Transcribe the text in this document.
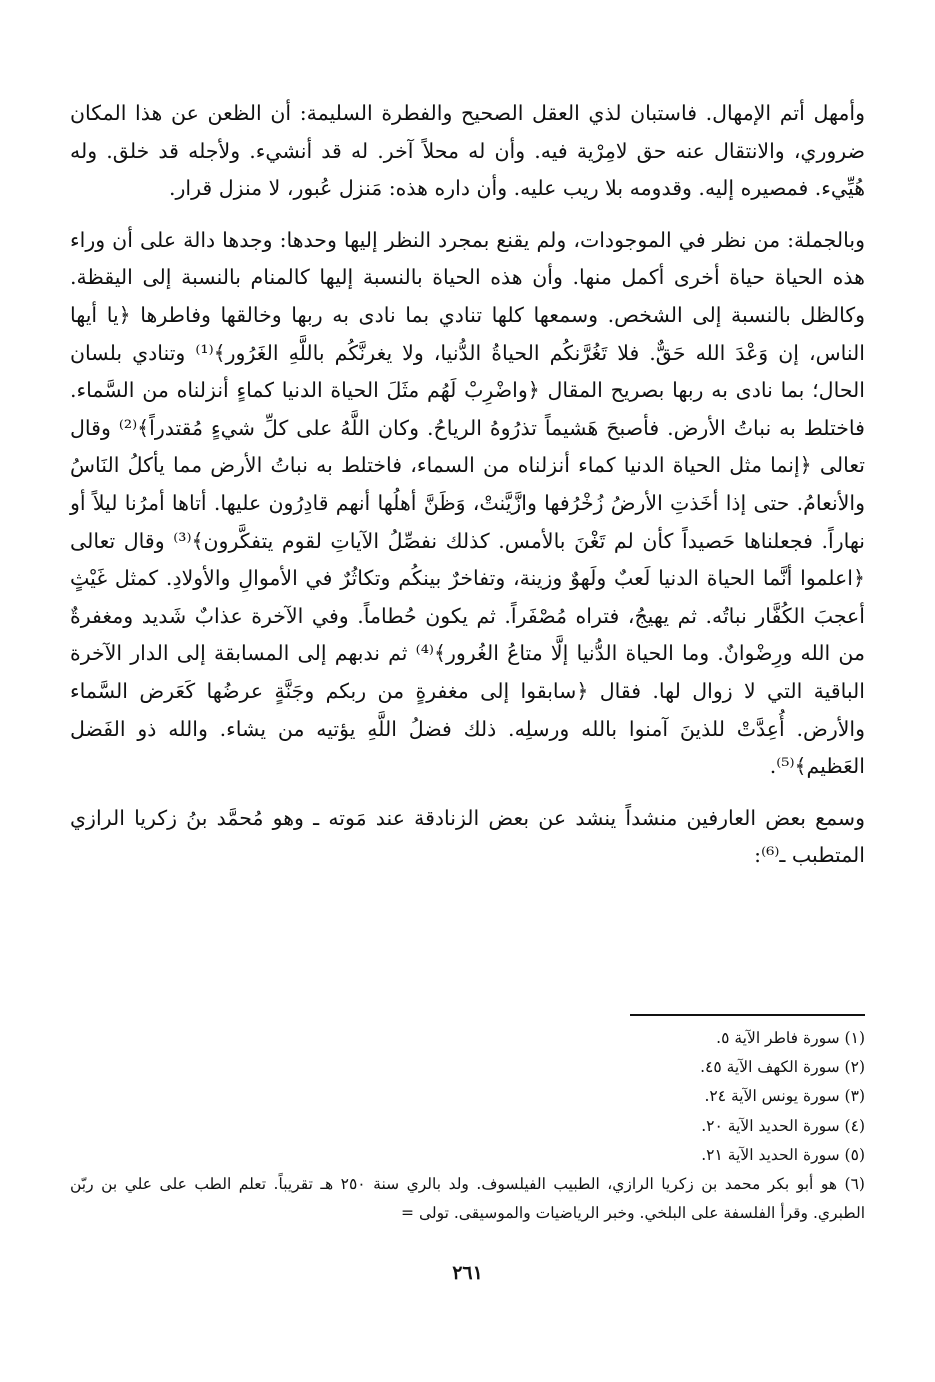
وأمهل أتم الإمهال. فاستبان لذي العقل الصحيح والفطرة السليمة: أن الظعن عن هذا المكان ضروري، والانتقال عنه حق لامِرْية فيه. وأن له محلاً آخر. له قد أنشيء. ولأجله قد خلق. وله هُيِّيء. فمصيره إليه. وقدومه بلا ريب عليه. وأن داره هذه: مَنزل عُبور، لا منزل قرار.

وبالجملة: من نظر في الموجودات، ولم يقنع بمجرد النظر إليها وحدها: وجدها دالة على أن وراء هذه الحياة حياة أخرى أكمل منها. وأن هذه الحياة بالنسبة إليها كالمنام بالنسبة إلى اليقظة. وكالظل بالنسبة إلى الشخص. وسمعها كلها تنادي بما نادى به ربها وخالقها وفاطرها ﴿يا أيها الناس، إن وَعْدَ الله حَقٌّ. فلا تَغُرَّنكُم الحياةُ الدُّنيا، ولا يغرنَّكُم باللَّهِ الغَرُور﴾⁽¹⁾ وتنادي بلسان الحال؛ بما نادى به ربها بصريح المقال ﴿واضْرِبْ لَهُم مثَلَ الحياة الدنيا كماءٍ أنزلناه من السَّماء. فاختلط به نباتُ الأرض. فأصبحَ هَشيماً تذرُوهُ الرياحُ. وكان اللَّهُ على كلِّ شيءٍ مُقتدراً﴾⁽²⁾ وقال تعالى ﴿إنما مثل الحياة الدنيا كماء أنزلناه من السماء، فاختلط به نباتُ الأرض مما يأكلُ النَاسُ والأنعامُ. حتى إذا أخَذتِ الأرضُ زُخْرُفها وازَّيَّنتْ، وَظَنَّ أهلُها أنهم قادِرُون عليها. أتاها أمرُنا ليلاً أو نهاراً. فجعلناها حَصيداً كأن لم تَغْنَ بالأمس. كذلك نفصِّلُ الآياتِ لقوم يتفكَّرون﴾⁽³⁾ وقال تعالى ﴿اعلموا أنَّما الحياة الدنيا لَعبٌ ولَهوٌ وزينة، وتفاخرٌ بينكُم وتكاثُرٌ في الأموالِ والأولادِ. كمثل غَيْثٍ أعجبَ الكُفَّار نباتُه. ثم يهيجُ، فتراه مُصْفَراً. ثم يكون حُطاماً. وفي الآخرة عذابٌ شَديد ومغفرةٌ من الله ورِضْوانٌ. وما الحياة الدُّنيا إلَّا متاعُ الغُرور﴾⁽⁴⁾ ثم ندبهم إلى المسابقة إلى الدار الآخرة الباقية التي لا زوال لها. فقال ﴿سابقوا إلى مغفرةٍ من ربكم وجَنَّةٍ عرضُها كَعَرض السَّماء والأرض. أُعِدَّتْ للذينَ آمنوا بالله ورسلِه. ذلك فضلُ اللَّهِ يؤتيه من يشاء. والله ذو الفَضل العَظيم﴾⁽⁵⁾.

وسمع بعض العارفين منشداً ينشد عن بعض الزنادقة عند مَوته ـ وهو مُحمَّد بنُ زكريا الرازي المتطبب ـ⁽⁶⁾:

(١) سورة فاطر الآية ٥.
(٢) سورة الكهف الآية ٤٥.
(٣) سورة يونس الآية ٢٤.
(٤) سورة الحديد الآية ٢٠.
(٥) سورة الحديد الآية ٢١.
(٦) هو أبو بكر محمد بن زكريا الرازي، الطبيب الفيلسوف. ولد بالري سنة ٢٥٠ هـ تقريباً. تعلم الطب على علي بن ربّن الطبري. وقرأ الفلسفة على البلخي. وخبر الرياضيات والموسيقى. تولى =
٢٦١
